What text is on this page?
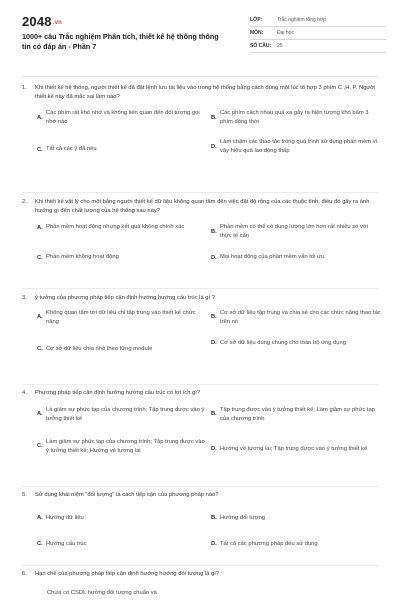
2048.vn
1000+ câu Trắc nghiệm Phân tích, thiết kế hệ thống thông tin có đáp án - Phần 7
LỚP:	Trắc nghiệm tổng hợp
MÔN:	Đại học
SỐ CÂU:	25
1.	Khi thiết kế hệ thống, người thiết kế đã đặt lệnh lưu tài liệu vào trong hệ thống bằng cách dùng một lúc tổ hợp 3 phím C ,H, P. Người thiết kế này đã mắc sai lầm nào?
A.
Các phím rất khó nhớ và không liên quan đến đối tượng gọi nhớ nào
B.
Các phím cách nhau quá xa gây ra hiện tượng khó bấm 3 phím đồng thời
C. Tất cả các ý đã nêu	D.
Làm chậm các thao tác trong quá trình sử dụng phần mềm vì vậy hiệu quả lao động thấp
2.	Khi thiết kế vật lý cho một bảng người thiết kế dữ liệu không quan tâm đến việc đặt độ rộng của các thuộc tính, điều đó gây ra ảnh hưởng gì đến chất lượng của hệ thống sau này?
A. Phần mềm hoạt động nhưng kết quả không chính xác
B.
Phần mềm có thể có dung lượng lớn hơn rất nhiều so với thực tế cần
C. Phần mềm không hoạt động	D. Mọi hoạt động của phần mềm vẫn tối ưu
3.	ý tưởng của phương pháp tiếp cận định hướng hướng cấu trúc là gì ?
A.
Không quan tâm tới dữ liệu chỉ tập trung vào thiết kế chức năng
B.
Cơ sở dữ liệu tập trung và chia sẻ cho các chức năng thao tác trên nó
C. Cơ sở dữ liệu chia nhỏ theo từng module
D. Cơ sở dữ liệu dùng chung cho toàn bộ ứng dụng
4.	Phương pháp tiếp cận định hướng hướng cấu trúc có lợi ích gì?
A.
Là giảm sự phức tạp của chương trình; Tập trung được vào ý tưởng thiết kế
B.
Tập trung được vào ý tưởng thiết kế; Làm giảm sự phức tạp của chương trình
C.
Làm giảm sự phức tạp của chương trình; Tập trung được vào ý tưởng thiết kế; Hướng về tương lai	D. Hướng về tương lai; Tập trung được vào ý tưởng thiết kế
5.	Sử dụng khái niệm "đối tượng" là cách tiếp cận của phương pháp nào?
A. Hướng dữ liệu	B. Hướng đối tượng
C. Hướng cấu trúc	D. Tất cả các phương pháp đều sử dụng
6.	Hạn chế của phương pháp tiếp cận định hướng hướng đối tượng là gì?
Chưa có CSDL hướng đối tượng chuẩn và
